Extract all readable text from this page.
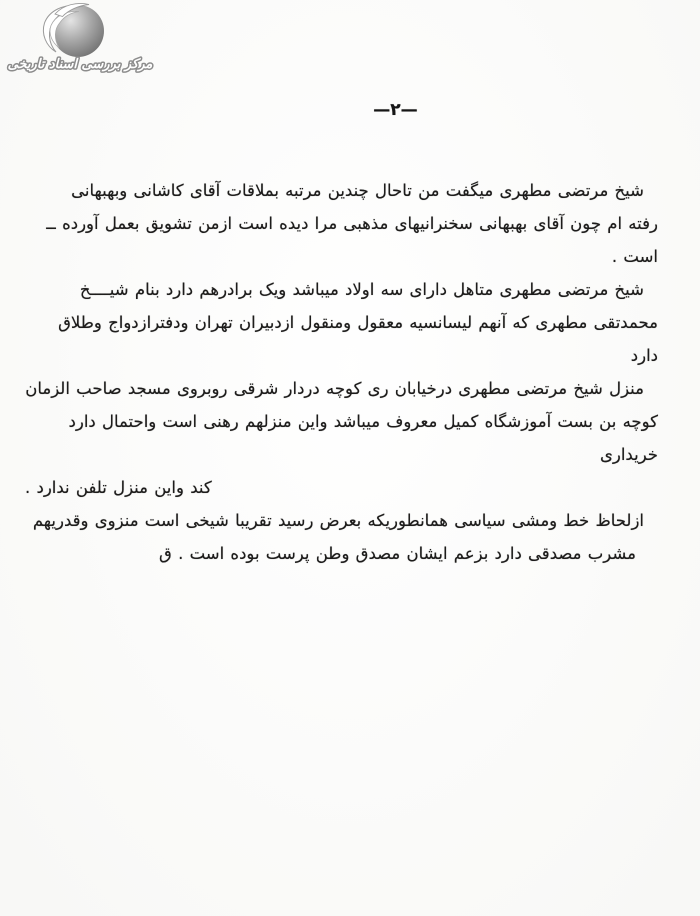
مرکز بررسی اسناد تاریخی
—۲—

شیخ مرتضی مطهری میگفت من تاحال چندین مرتبه بملاقات آقای کاشانی وبهبهانی
رفته ام چون آقای بهبهانی سخنرانیهای مذهبی مرا دیده است ازمن تشویق بعمل آورده ــ
است .

شیخ مرتضی مطهری متاهل دارای سه اولاد میباشد ویک برادرهم دارد بنام شیــــخ
محمدتقی مطهری که آنهم لیسانسیه معقول ومنقول ازدبیران تهران ودفترازدواج وطلاق دارد

منزل شیخ مرتضی مطهری درخیابان ری کوچه دردار شرقی روبروی مسجد صاحب الزمان
کوچه بن بست آموزشگاه کمیل معروف میباشد واین منزلهم رهنی است واحتمال دارد خریداری
کند واین منزل تلفن ندارد .

ازلحاظ خط ومشی سیاسی همانطوریکه بعرض رسید تقریبا شیخی است منزوی وقدریهم
مشرب مصدقی دارد بزعم ایشان مصدق وطن پرست بوده است . ق
